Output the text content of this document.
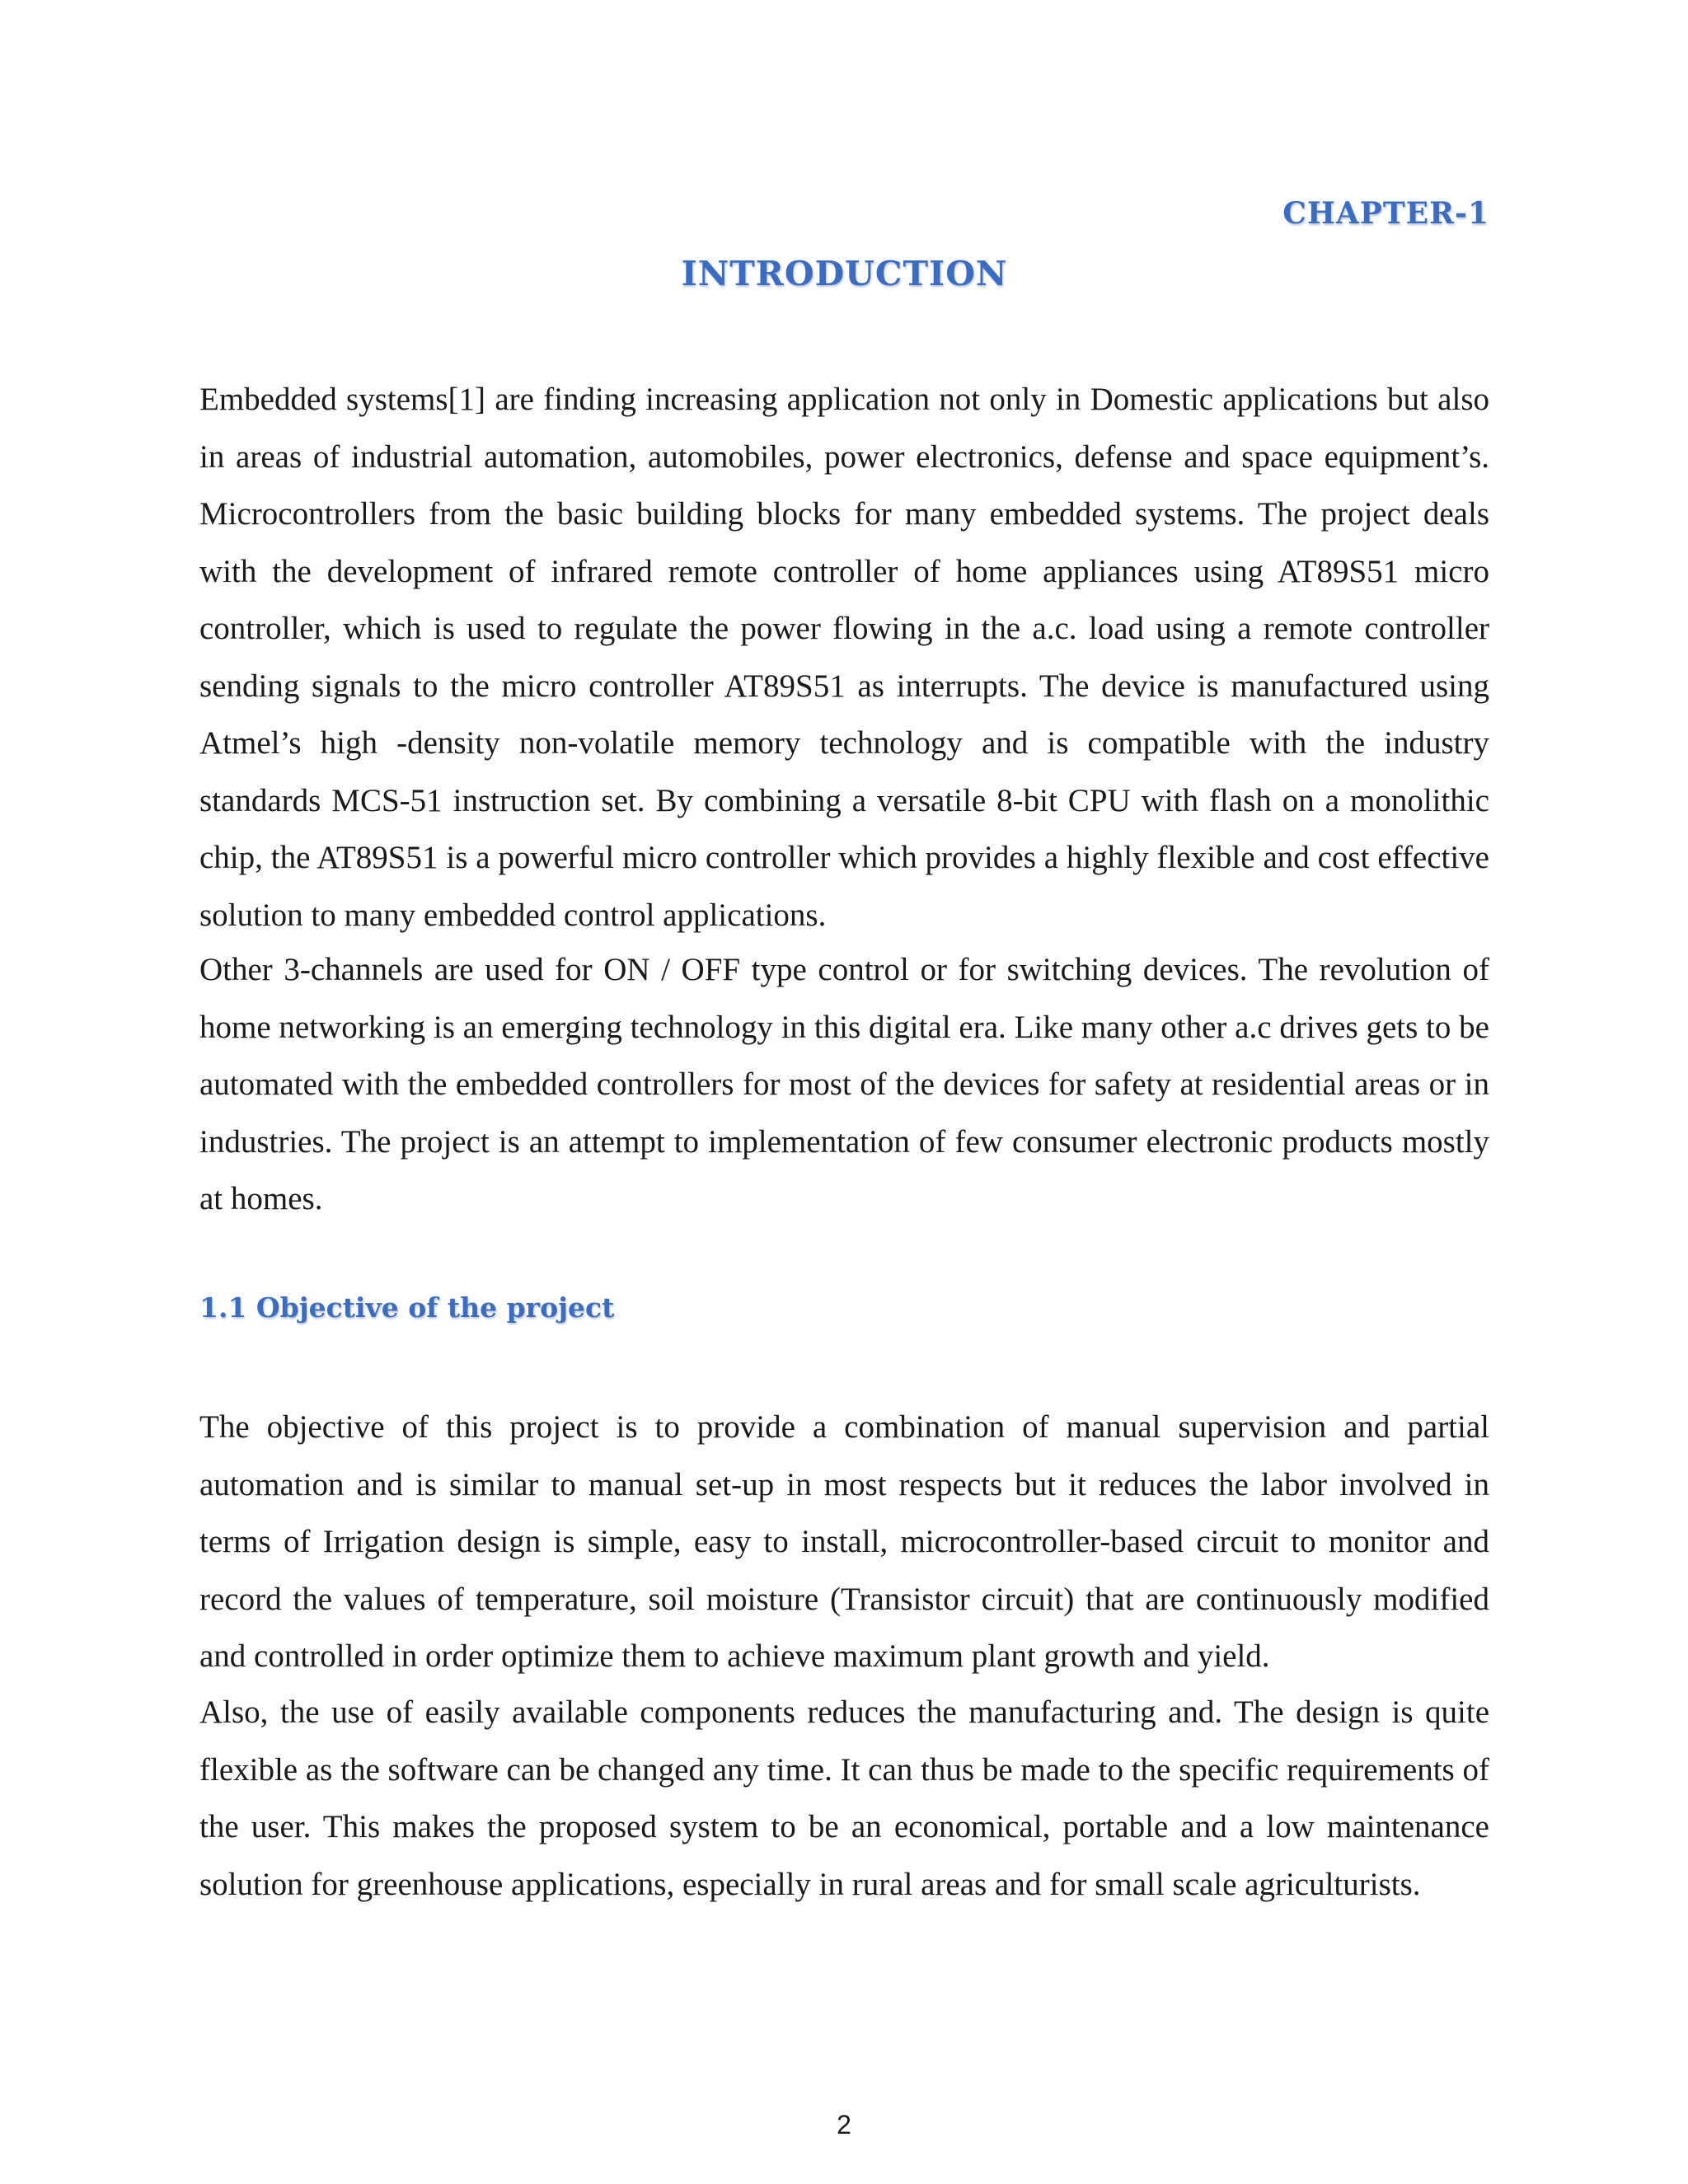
CHAPTER-1
INTRODUCTION

Embedded systems[1] are finding increasing application not only in Domestic applications but also in areas of industrial automation, automobiles, power electronics, defense and space equipment’s. Microcontrollers from the basic building blocks for many embedded systems. The project deals with the development of infrared remote controller of home appliances using AT89S51 micro controller, which is used to regulate the power flowing in the a.c. load using a remote controller sending signals to the micro controller AT89S51 as interrupts. The device is manufactured using Atmel’s high -density non-volatile memory technology and is compatible with the industry standards MCS-51 instruction set. By combining a versatile 8-bit CPU with flash on a monolithic chip, the AT89S51 is a powerful micro controller which provides a highly flexible and cost effective solution to many embedded control applications.

Other 3-channels are used for ON / OFF type control or for switching devices. The revolution of home networking is an emerging technology in this digital era. Like many other a.c drives gets to be automated with the embedded controllers for most of the devices for safety at residential areas or in industries. The project is an attempt to implementation of few consumer electronic products mostly at homes.

1.1 Objective of the project

The objective of this project is to provide a combination of manual supervision and partial automation and is similar to manual set-up in most respects but it reduces the labor involved in terms of Irrigation design is simple, easy to install, microcontroller-based circuit to monitor and record the values of temperature, soil moisture (Transistor circuit) that are continuously modified and controlled in order optimize them to achieve maximum plant growth and yield.

Also, the use of easily available components reduces the manufacturing and. The design is quite flexible as the software can be changed any time. It can thus be made to the specific requirements of the user. This makes the proposed system to be an economical, portable and a low maintenance solution for greenhouse applications, especially in rural areas and for small scale agriculturists.

2
